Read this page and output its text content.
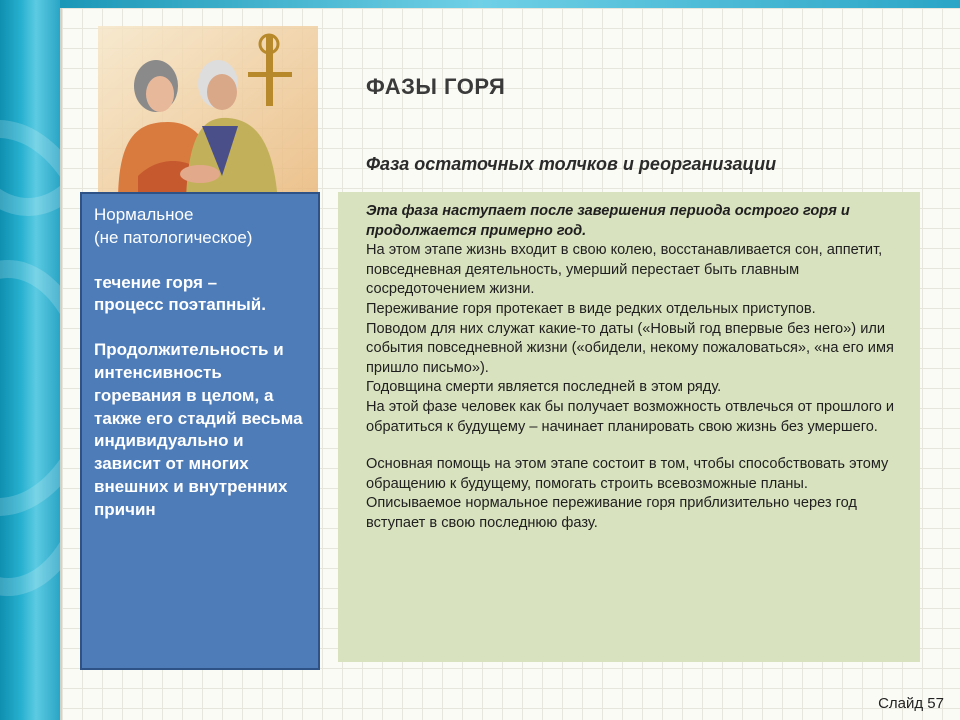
ФАЗЫ ГОРЯ
Фаза остаточных толчков и реорганизации

Нормальное

(не патологическое)

течение горя –

процесс поэтапный.

Продолжительность и интенсивность горевания в целом, а также его стадий весьма индивидуально и зависит от многих внешних и внутренних причин

Эта фаза наступает после завершения периода острого горя и продолжается примерно год.

На этом этапе жизнь входит в свою колею, восстанавливается сон, аппетит, повседневная деятельность, умерший перестает быть главным сосредоточением жизни.

Переживание горя протекает в виде редких отдельных приступов.

Поводом для них служат какие-то даты («Новый год впервые без него») или события повседневной жизни («обидели, некому пожаловаться», «на его имя пришло письмо»).

Годовщина смерти является последней в этом ряду.

На этой фазе человек как бы получает возможность отвлечься от прошлого и обратиться к будущему – начинает планировать свою жизнь без умершего.

Основная помощь на этом этапе состоит в том, чтобы способствовать этому обращению к будущему, помогать строить всевозможные планы. Описываемое нормальное переживание горя приблизительно через год вступает в свою последнюю фазу.

Слайд 57
